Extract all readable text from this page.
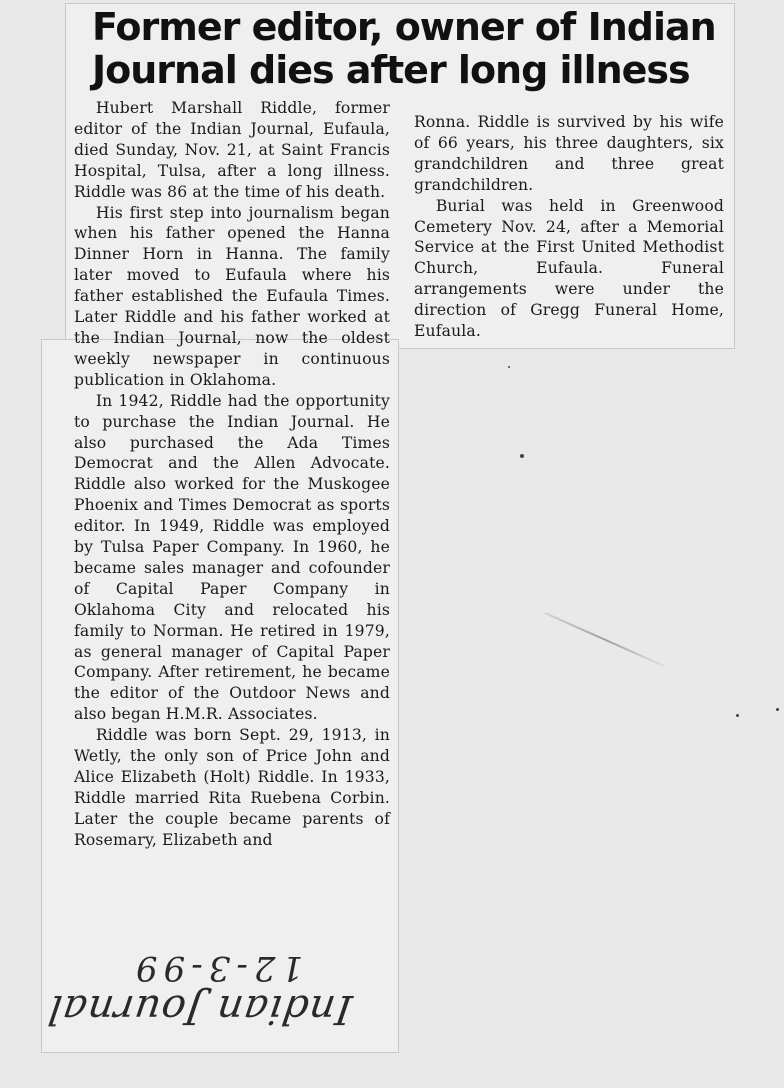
Former editor, owner of Indian
Journal dies after long illness

Hubert Marshall Riddle, former editor of the Indian Journal, Eufaula, died Sunday, Nov. 21, at Saint Francis Hospital, Tulsa, after a long illness. Riddle was 86 at the time of his death.

His first step into journalism began when his father opened the Hanna Dinner Horn in Hanna. The family later moved to Eufaula where his father established the Eufaula Times. Later Riddle and his father worked at the Indian Journal, now the oldest weekly newspaper in continuous publication in Oklahoma.

In 1942, Riddle had the opportunity to purchase the Indian Journal. He also purchased the Ada Times Democrat and the Allen Advocate. Riddle also worked for the Muskogee Phoenix and Times Democrat as sports editor. In 1949, Riddle was employed by Tulsa Paper Company. In 1960, he became sales manager and cofounder of Capital Paper Company in Oklahoma City and relocated his family to Norman. He retired in 1979, as general manager of Capital Paper Company. After retirement, he became the editor of the Outdoor News and also began H.M.R. Associates.

Riddle was born Sept. 29, 1913, in Wetly, the only son of Price John and Alice Elizabeth (Holt) Riddle. In 1933, Riddle married Rita Ruebena Corbin. Later the couple became parents of Rosemary, Elizabeth and

Ronna. Riddle is survived by his wife of 66 years, his three daughters, six grandchildren and three great grandchildren.

Burial was held in Greenwood Cemetery Nov. 24, after a Memorial Service at the First United Methodist Church, Eufaula. Funeral arrangements were under the direction of Gregg Funeral Home, Eufaula.

12-3-99
Indian Journal
